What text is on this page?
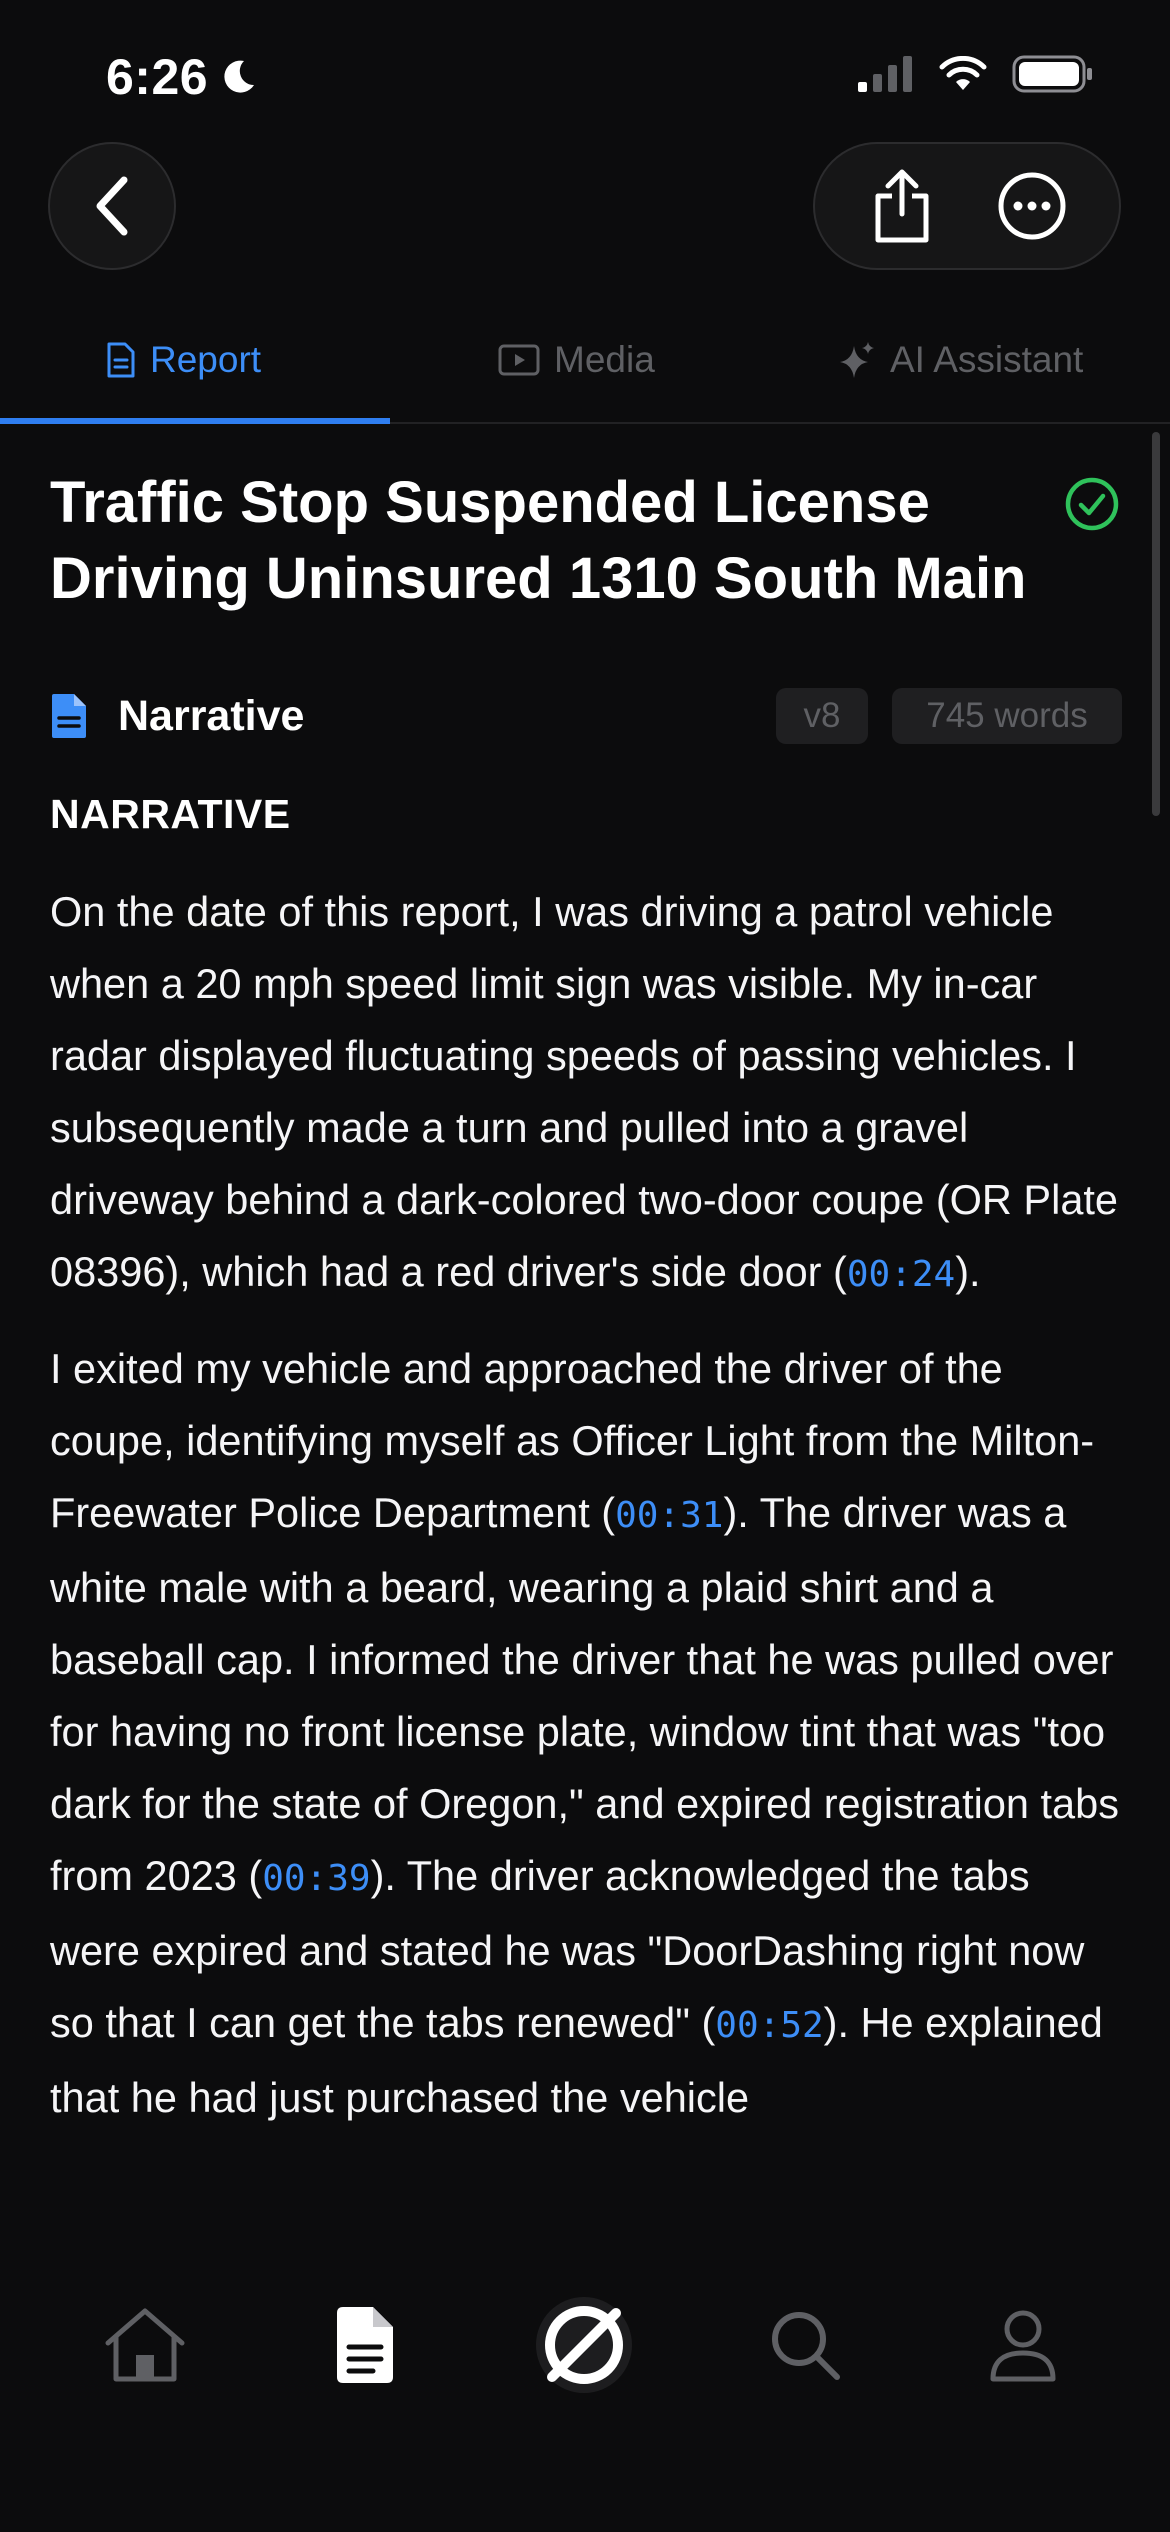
6:26
Report	Media	AI Assistant
Traffic Stop Suspended License Driving Uninsured 1310 South Main
Narrative	v8	745 words
NARRATIVE

On the date of this report, I was driving a patrol vehicle when a 20 mph speed limit sign was visible. My in-car radar displayed fluctuating speeds of passing vehicles. I subsequently made a turn and pulled into a gravel driveway behind a dark-colored two-door coupe (OR Plate 08396), which had a red driver's side door (00:24).

I exited my vehicle and approached the driver of the coupe, identifying myself as Officer Light from the Milton-Freewater Police Department (00:31). The driver was a white male with a beard, wearing a plaid shirt and a baseball cap. I informed the driver that he was pulled over for having no front license plate, window tint that was "too dark for the state of Oregon," and expired registration tabs from 2023 (00:39). The driver acknowledged the tabs were expired and stated he was "DoorDashing right now so that I can get the tabs renewed" (00:52). He explained that he had just purchased the vehicle
